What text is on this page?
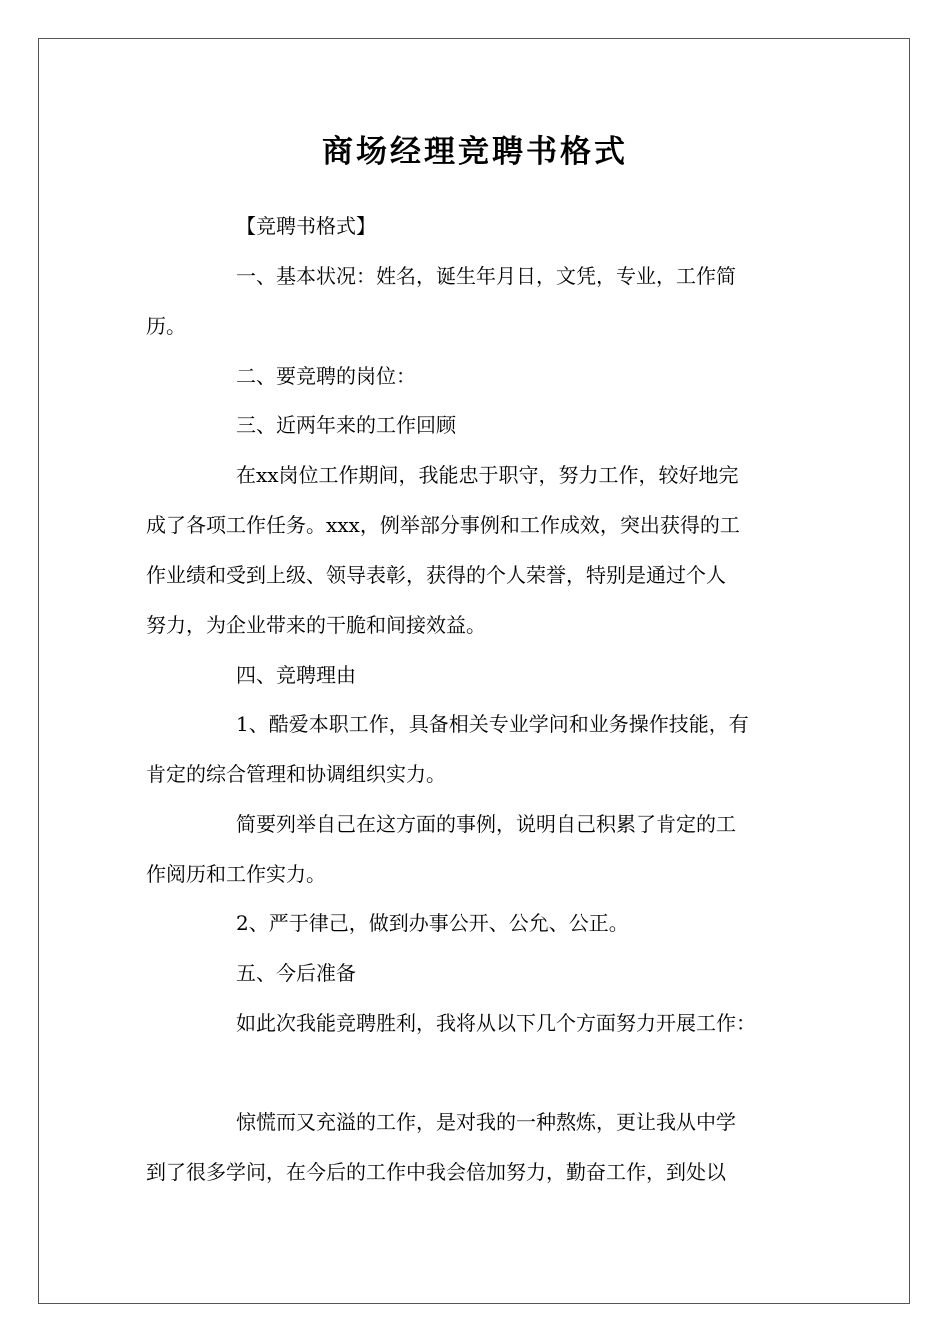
商场经理竞聘书格式

【竞聘书格式】

一、基本状况：姓名，诞生年月日，文凭，专业，工作简

历。

二、要竞聘的岗位：

三、近两年来的工作回顾

在xx岗位工作期间，我能忠于职守，努力工作，较好地完

成了各项工作任务。xxx，例举部分事例和工作成效，突出获得的工

作业绩和受到上级、领导表彰，获得的个人荣誉，特别是通过个人

努力，为企业带来的干脆和间接效益。

四、竞聘理由

1、酷爱本职工作，具备相关专业学问和业务操作技能，有

肯定的综合管理和协调组织实力。

简要列举自己在这方面的事例，说明自己积累了肯定的工

作阅历和工作实力。

2、严于律己，做到办事公开、公允、公正。

五、今后准备

如此次我能竞聘胜利，我将从以下几个方面努力开展工作：

惊慌而又充溢的工作，是对我的一种熬炼，更让我从中学

到了很多学问，在今后的工作中我会倍加努力，勤奋工作，到处以
